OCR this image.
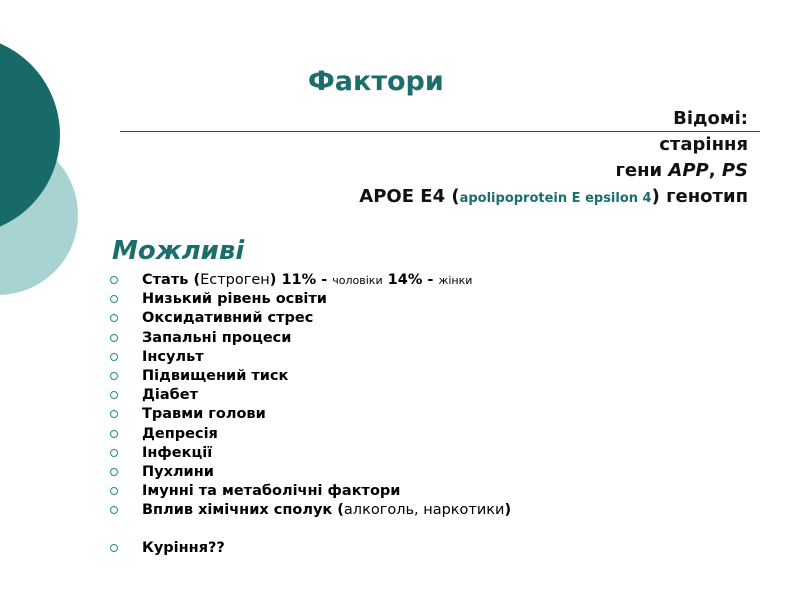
Фактори
Відомі:
старіння
гени APP, PS
APOE E4 (apolipoprotein E epsilon 4) генотип
Можливі
Стать (Естроген) 11% - чоловіки 14% - жінки
Низький рівень освіти
Оксидативний стрес
Запальні процеси
Інсульт
Підвищений тиск
Діабет
Травми голови
Депресія
Інфекції
Пухлини
Імунні та метаболічні фактори
Вплив хімічних сполук (алкоголь, наркотики)
Куріння??
